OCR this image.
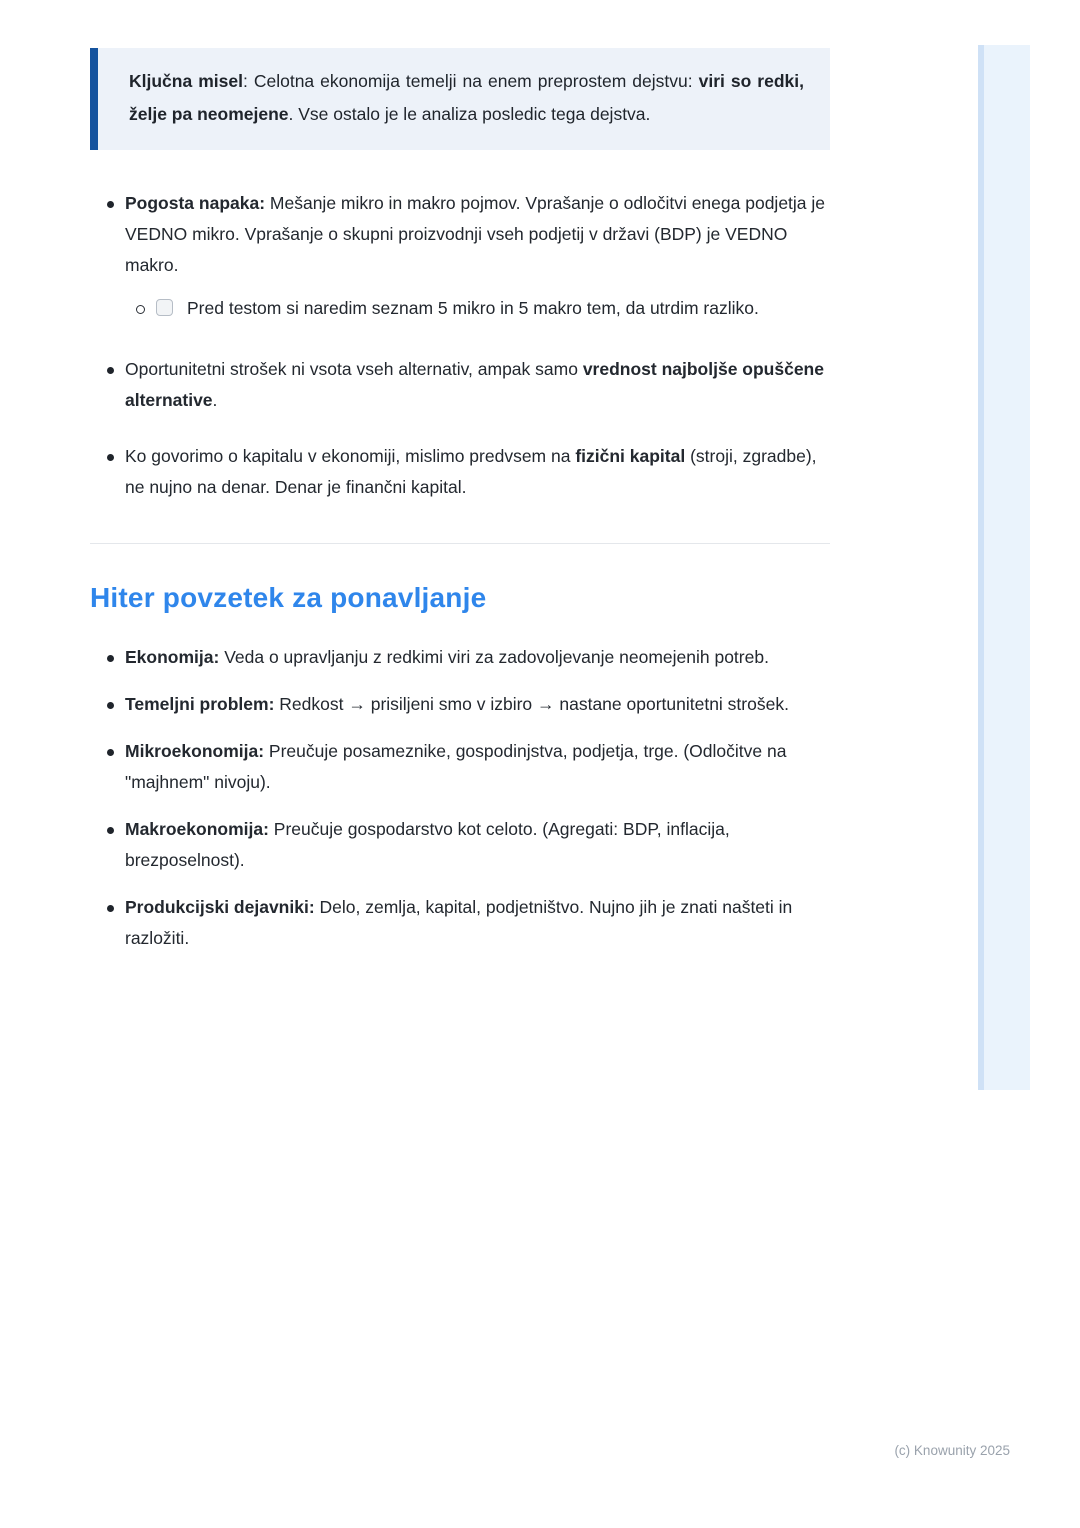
Ključna misel: Celotna ekonomija temelji na enem preprostem dejstvu: viri so redki, želje pa neomejene. Vse ostalo je le analiza posledic tega dejstva.

Pogosta napaka: Mešanje mikro in makro pojmov. Vprašanje o odločitvi enega podjetja je VEDNO mikro. Vprašanje o skupni proizvodnji vseh podjetij v državi (BDP) je VEDNO makro.

Pred testom si naredim seznam 5 mikro in 5 makro tem, da utrdim razliko.

Oportunitetni strošek ni vsota vseh alternativ, ampak samo vrednost najboljše opuščene alternative.

Ko govorimo o kapitalu v ekonomiji, mislimo predvsem na fizični kapital (stroji, zgradbe), ne nujno na denar. Denar je finančni kapital.

Hiter povzetek za ponavljanje

Ekonomija: Veda o upravljanju z redkimi viri za zadovoljevanje neomejenih potreb.

Temeljni problem: Redkost → prisiljeni smo v izbiro → nastane oportunitetni strošek.

Mikroekonomija: Preučuje posameznike, gospodinjstva, podjetja, trge. (Odločitve na "majhnem" nivoju).

Makroekonomija: Preučuje gospodarstvo kot celoto. (Agregati: BDP, inflacija, brezposelnost).

Produkcijski dejavniki: Delo, zemlja, kapital, podjetništvo. Nujno jih je znati našteti in razložiti.

(c) Knowunity 2025
